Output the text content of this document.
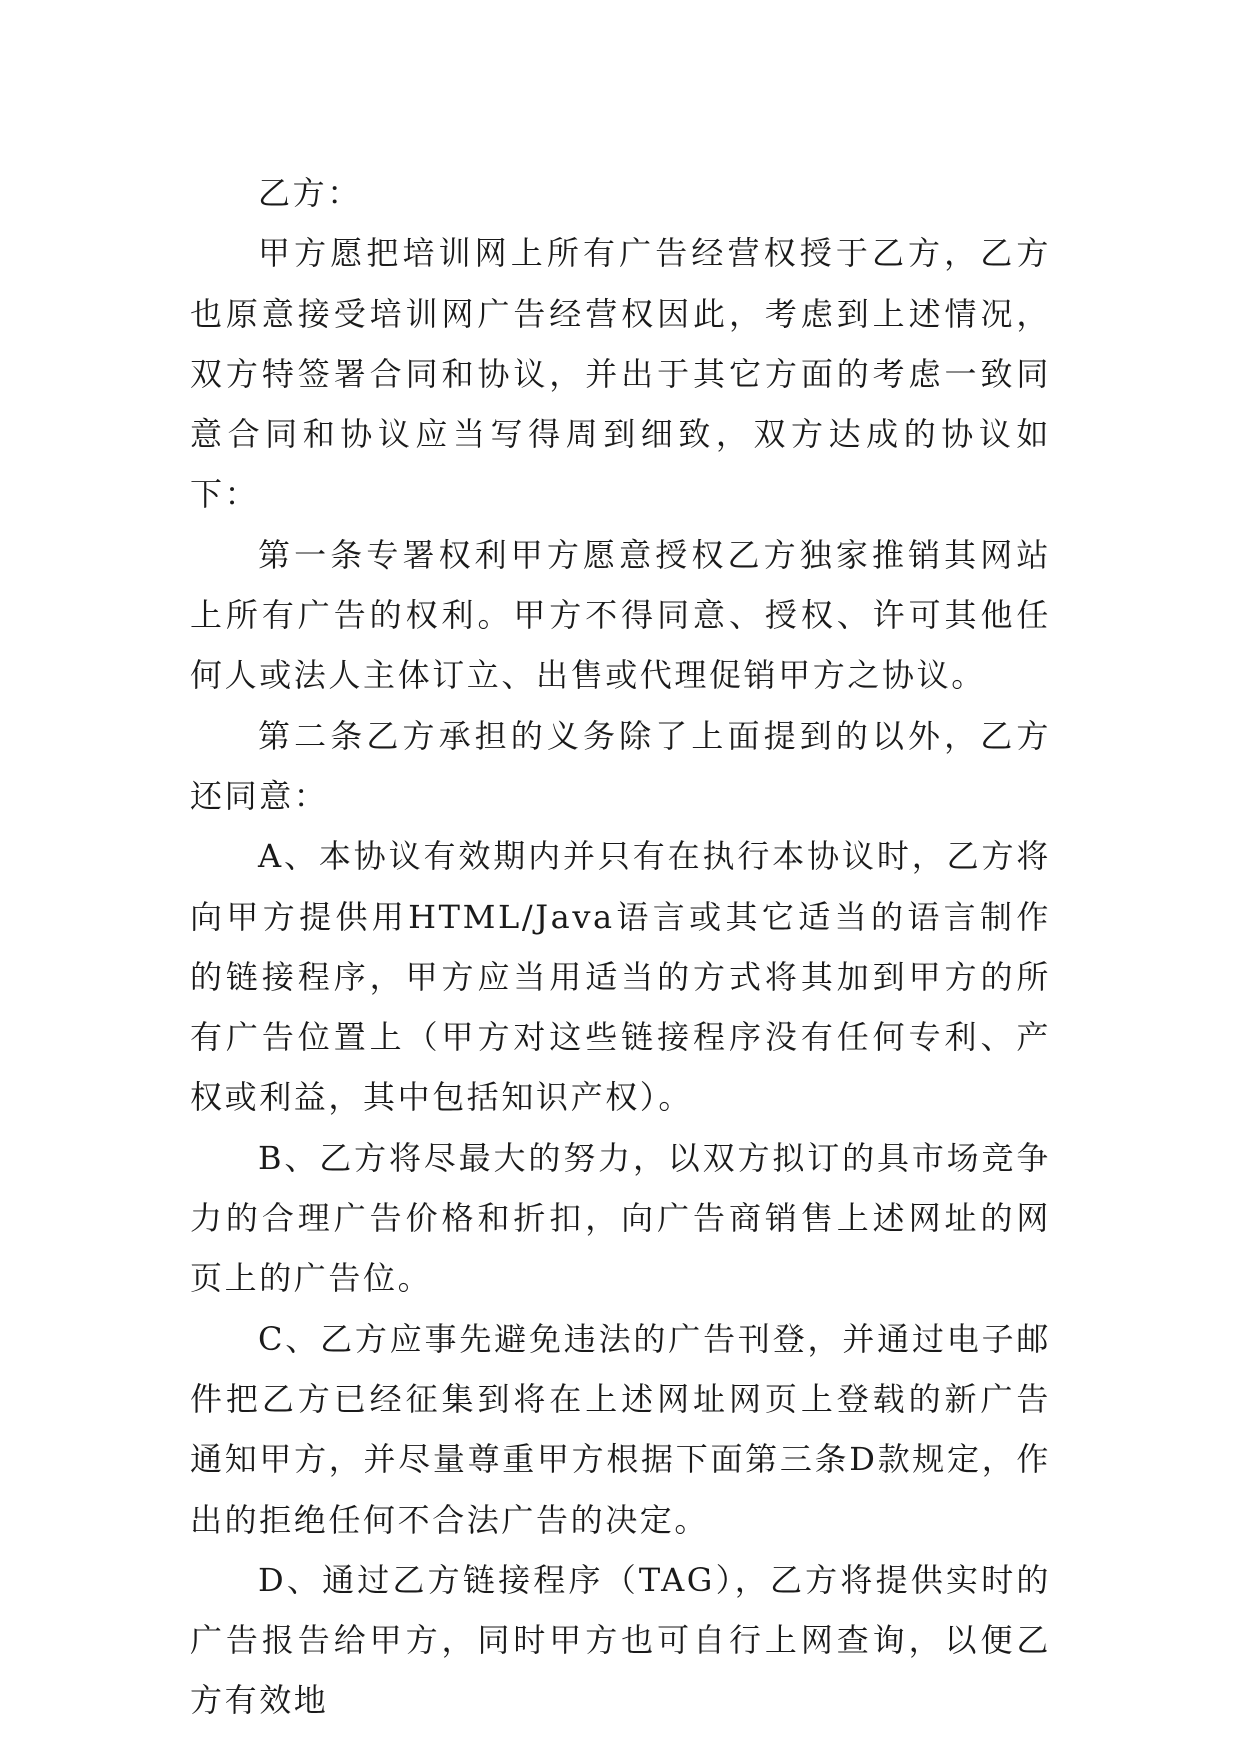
乙方：

甲方愿把培训网上所有广告经营权授于乙方，乙方也原意接受培训网广告经营权因此，考虑到上述情况，双方特签署合同和协议，并出于其它方面的考虑一致同意合同和协议应当写得周到细致，双方达成的协议如下：

第一条专署权利甲方愿意授权乙方独家推销其网站上所有广告的权利。甲方不得同意、授权、许可其他任何人或法人主体订立、出售或代理促销甲方之协议。

第二条乙方承担的义务除了上面提到的以外，乙方还同意：

A、本协议有效期内并只有在执行本协议时，乙方将向甲方提供用HTML/Java语言或其它适当的语言制作的链接程序，甲方应当用适当的方式将其加到甲方的所有广告位置上（甲方对这些链接程序没有任何专利、产权或利益，其中包括知识产权）。

B、乙方将尽最大的努力，以双方拟订的具市场竞争力的合理广告价格和折扣，向广告商销售上述网址的网页上的广告位。

C、乙方应事先避免违法的广告刊登，并通过电子邮件把乙方已经征集到将在上述网址网页上登载的新广告通知甲方，并尽量尊重甲方根据下面第三条D款规定，作出的拒绝任何不合法广告的决定。

D、通过乙方链接程序（TAG），乙方将提供实时的广告报告给甲方，同时甲方也可自行上网查询，以便乙方有效地
